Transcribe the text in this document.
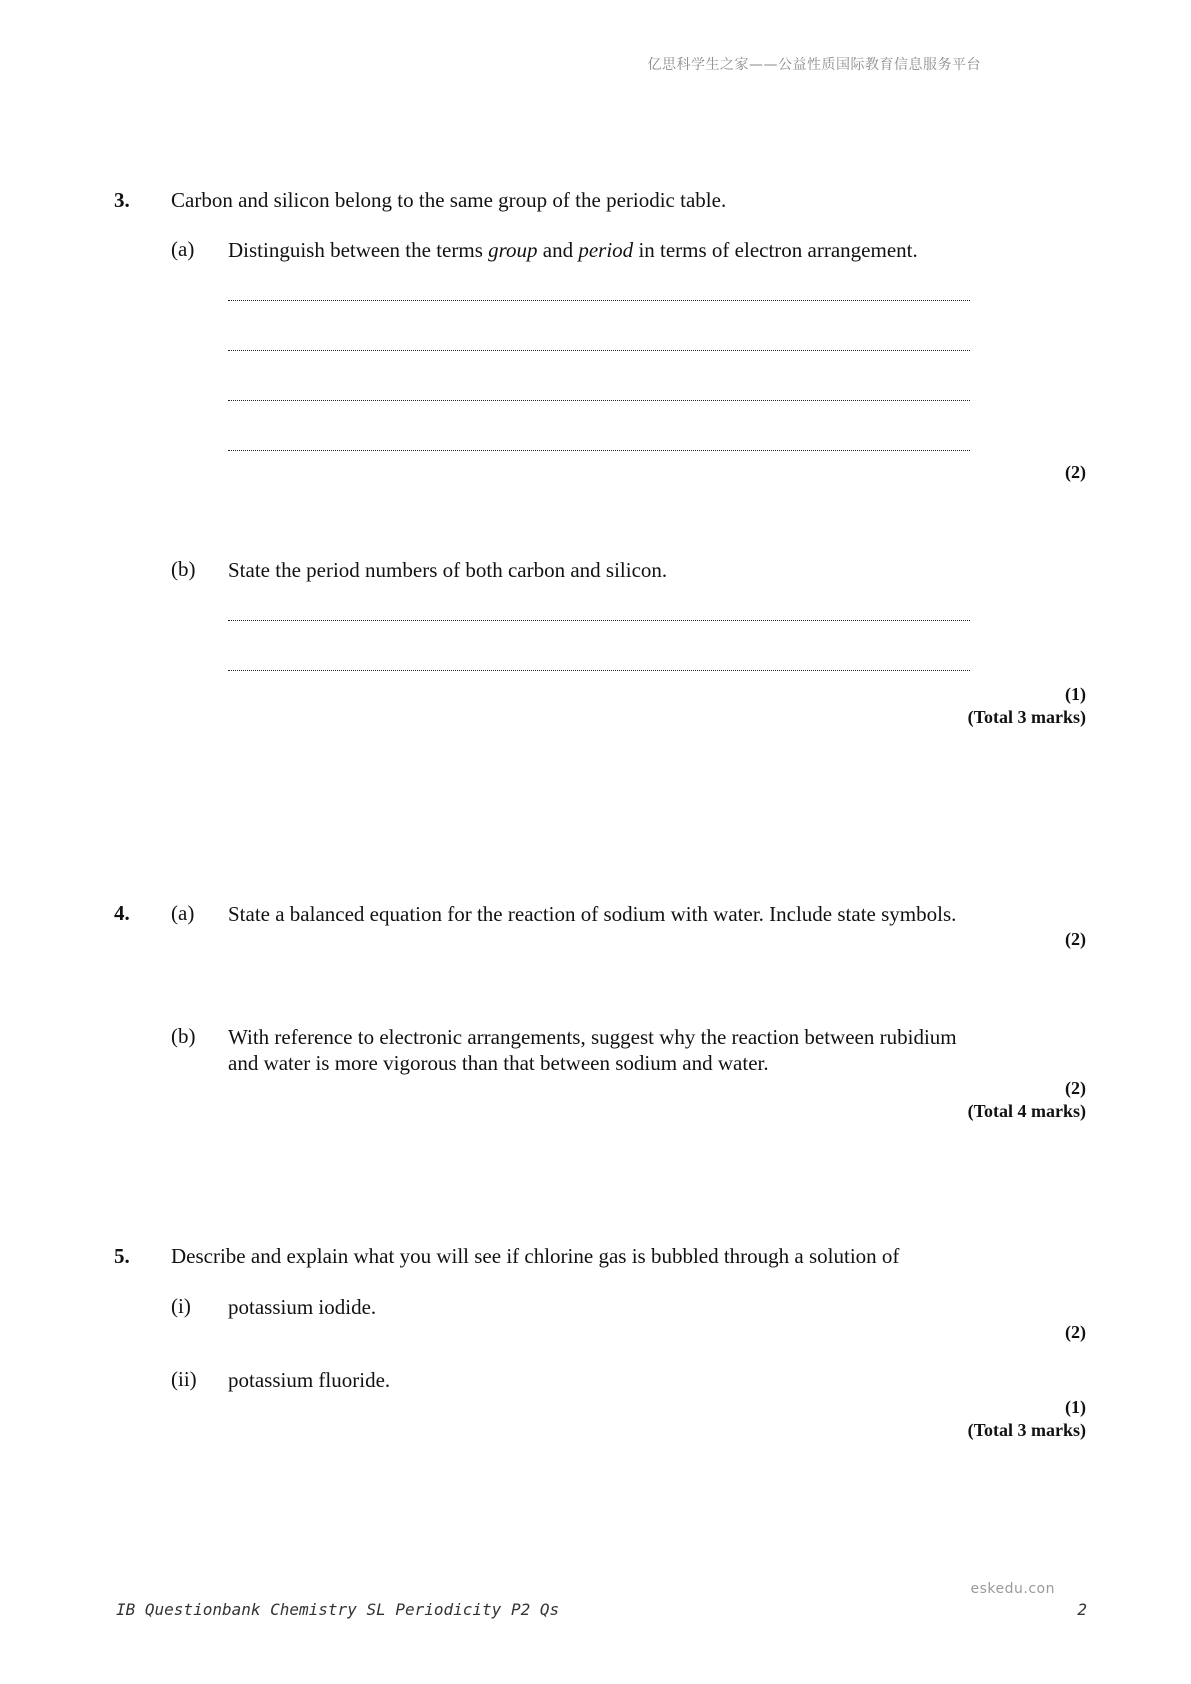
亿思科学生之家——公益性质国际教育信息服务平台
3. Carbon and silicon belong to the same group of the periodic table.
(a) Distinguish between the terms group and period in terms of electron arrangement.
(2)
(b) State the period numbers of both carbon and silicon.
(1)
(Total 3 marks)
4. (a) State a balanced equation for the reaction of sodium with water. Include state symbols.
(2)
(b) With reference to electronic arrangements, suggest why the reaction between rubidium
and water is more vigorous than that between sodium and water.
(2)
(Total 4 marks)
5. Describe and explain what you will see if chlorine gas is bubbled through a solution of
(i) potassium iodide.
(2)
(ii) potassium fluoride.
(1)
(Total 3 marks)
eskedu.con
IB Questionbank Chemistry SL Periodicity P2 Qs	2
